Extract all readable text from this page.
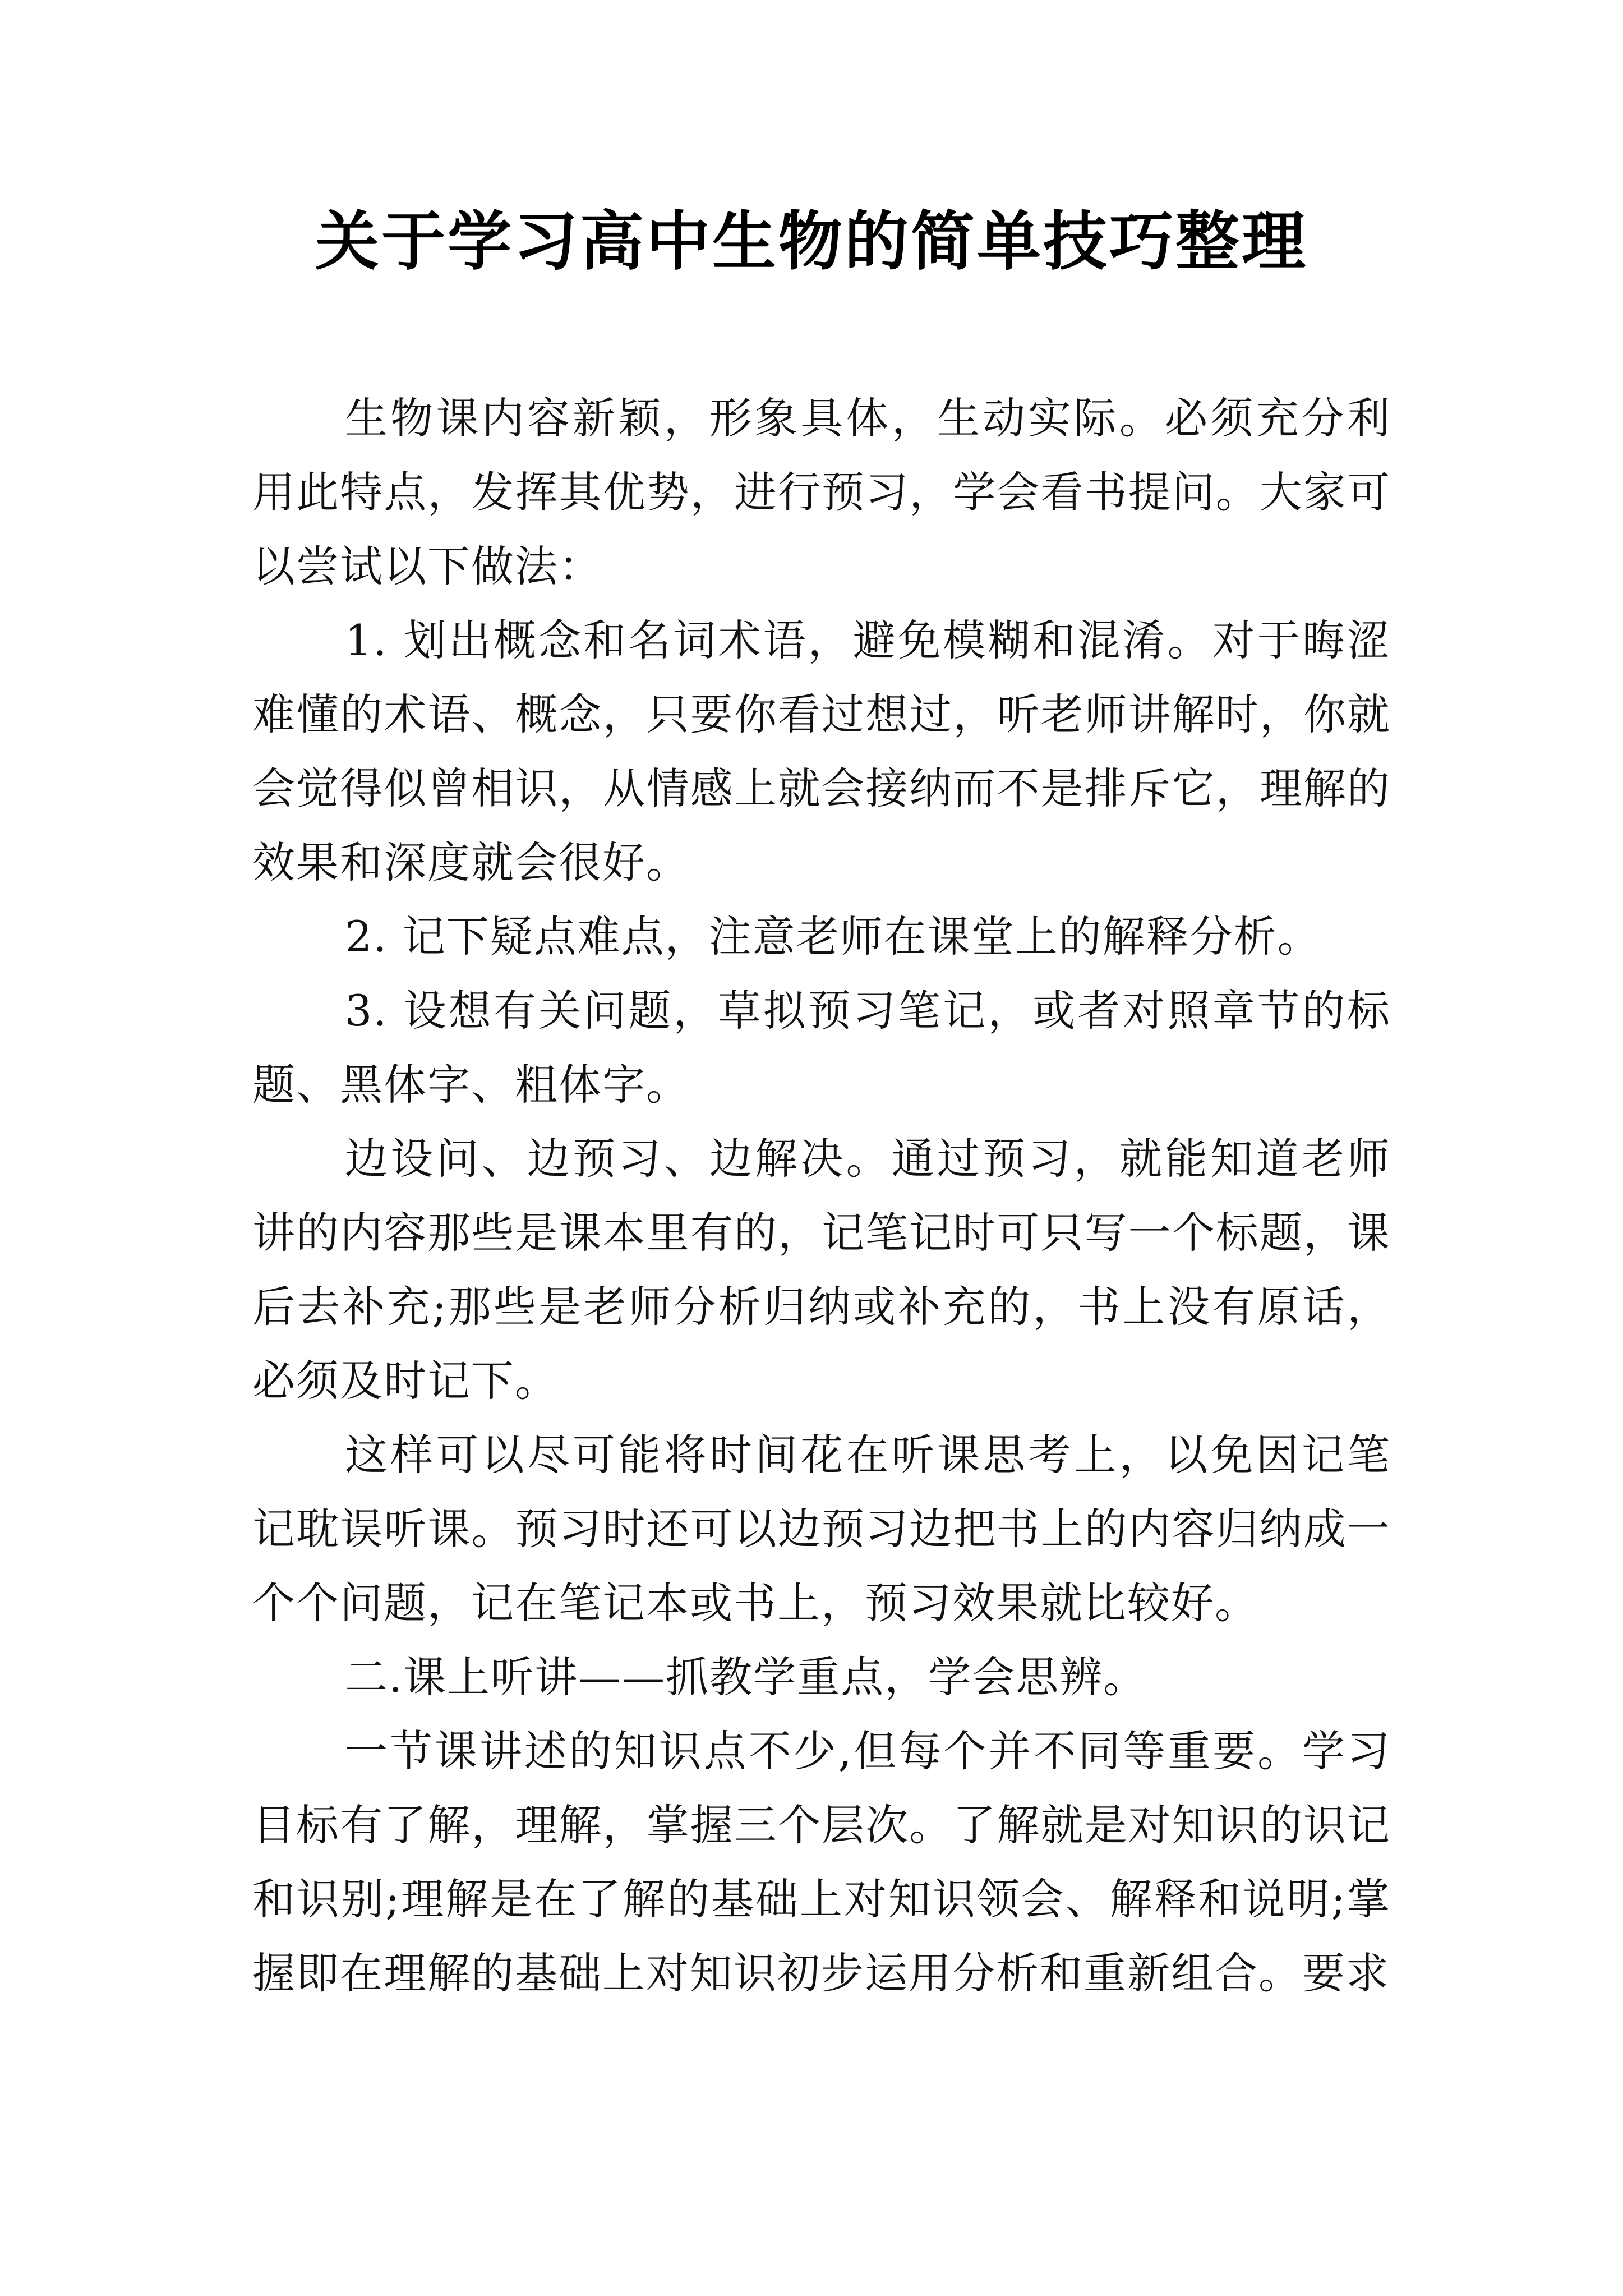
关于学习高中生物的简单技巧整理

生物课内容新颖，形象具体，生动实际。必须充分利用此特点，发挥其优势，进行预习，学会看书提问。大家可以尝试以下做法：

1. 划出概念和名词术语，避免模糊和混淆。对于晦涩难懂的术语、概念，只要你看过想过，听老师讲解时，你就会觉得似曾相识，从情感上就会接纳而不是排斥它，理解的效果和深度就会很好。

2. 记下疑点难点，注意老师在课堂上的解释分析。

3. 设想有关问题，草拟预习笔记，或者对照章节的标题、黑体字、粗体字。

边设问、边预习、边解决。通过预习，就能知道老师讲的内容那些是课本里有的，记笔记时可只写一个标题，课后去补充;那些是老师分析归纳或补充的，书上没有原话，必须及时记下。

这样可以尽可能将时间花在听课思考上，以免因记笔记耽误听课。预习时还可以边预习边把书上的内容归纳成一个个问题，记在笔记本或书上，预习效果就比较好。

二.课上听讲——抓教学重点，学会思辨。

一节课讲述的知识点不少,但每个并不同等重要。学习目标有了解，理解，掌握三个层次。了解就是对知识的识记和识别;理解是在了解的基础上对知识领会、解释和说明;掌握即在理解的基础上对知识初步运用分析和重新组合。要求
